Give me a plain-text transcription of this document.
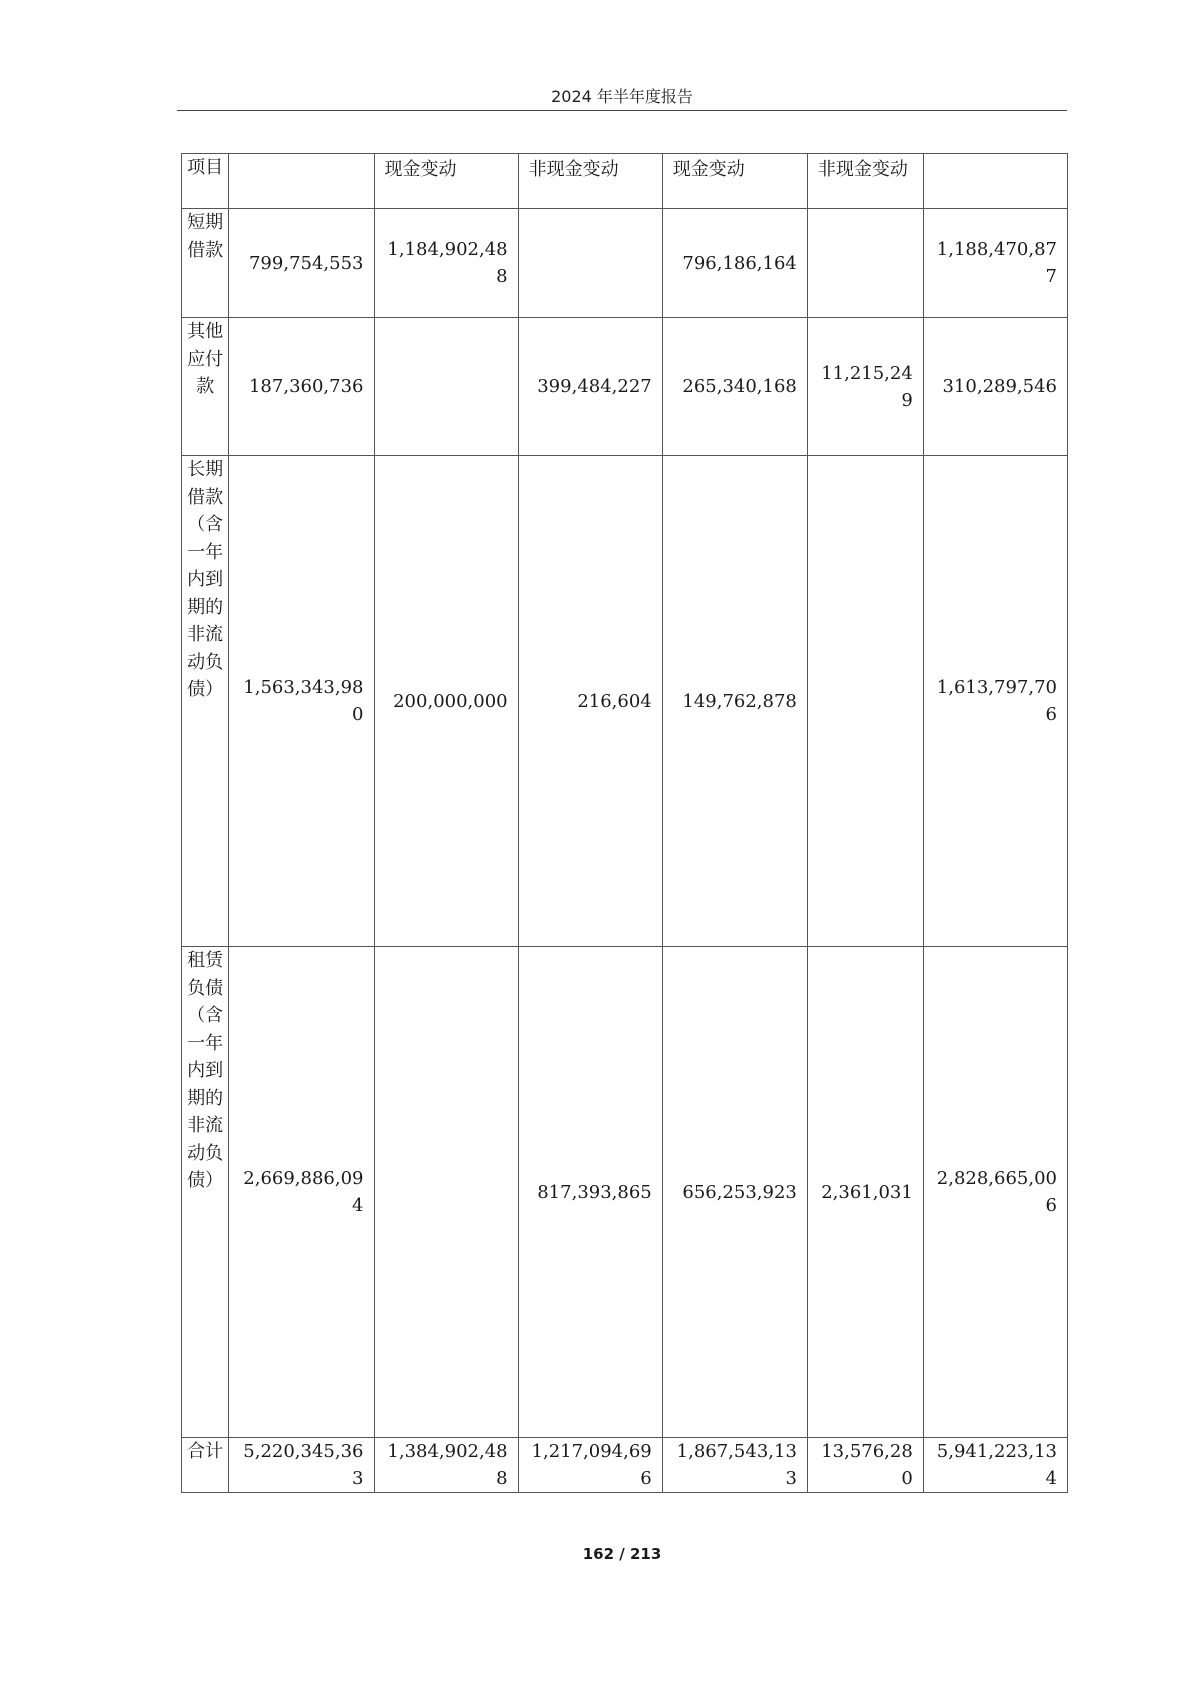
2024 年半年度报告
项目		现金变动	非现金变动	现金变动	非现金变动	
短期借款	799,754,553	1,184,902,488		796,186,164		1,188,470,877
其他应付款	187,360,736		399,484,227	265,340,168	11,215,249	310,289,546
长期借款（含一年内到期的非流动负债）	1,563,343,980	200,000,000	216,604	149,762,878		1,613,797,706
租赁负债（含一年内到期的非流动负债）	2,669,886,094		817,393,865	656,253,923	2,361,031	2,828,665,006
合计	5,220,345,363	1,384,902,488	1,217,094,696	1,867,543,133	13,576,280	5,941,223,134
162 / 213
